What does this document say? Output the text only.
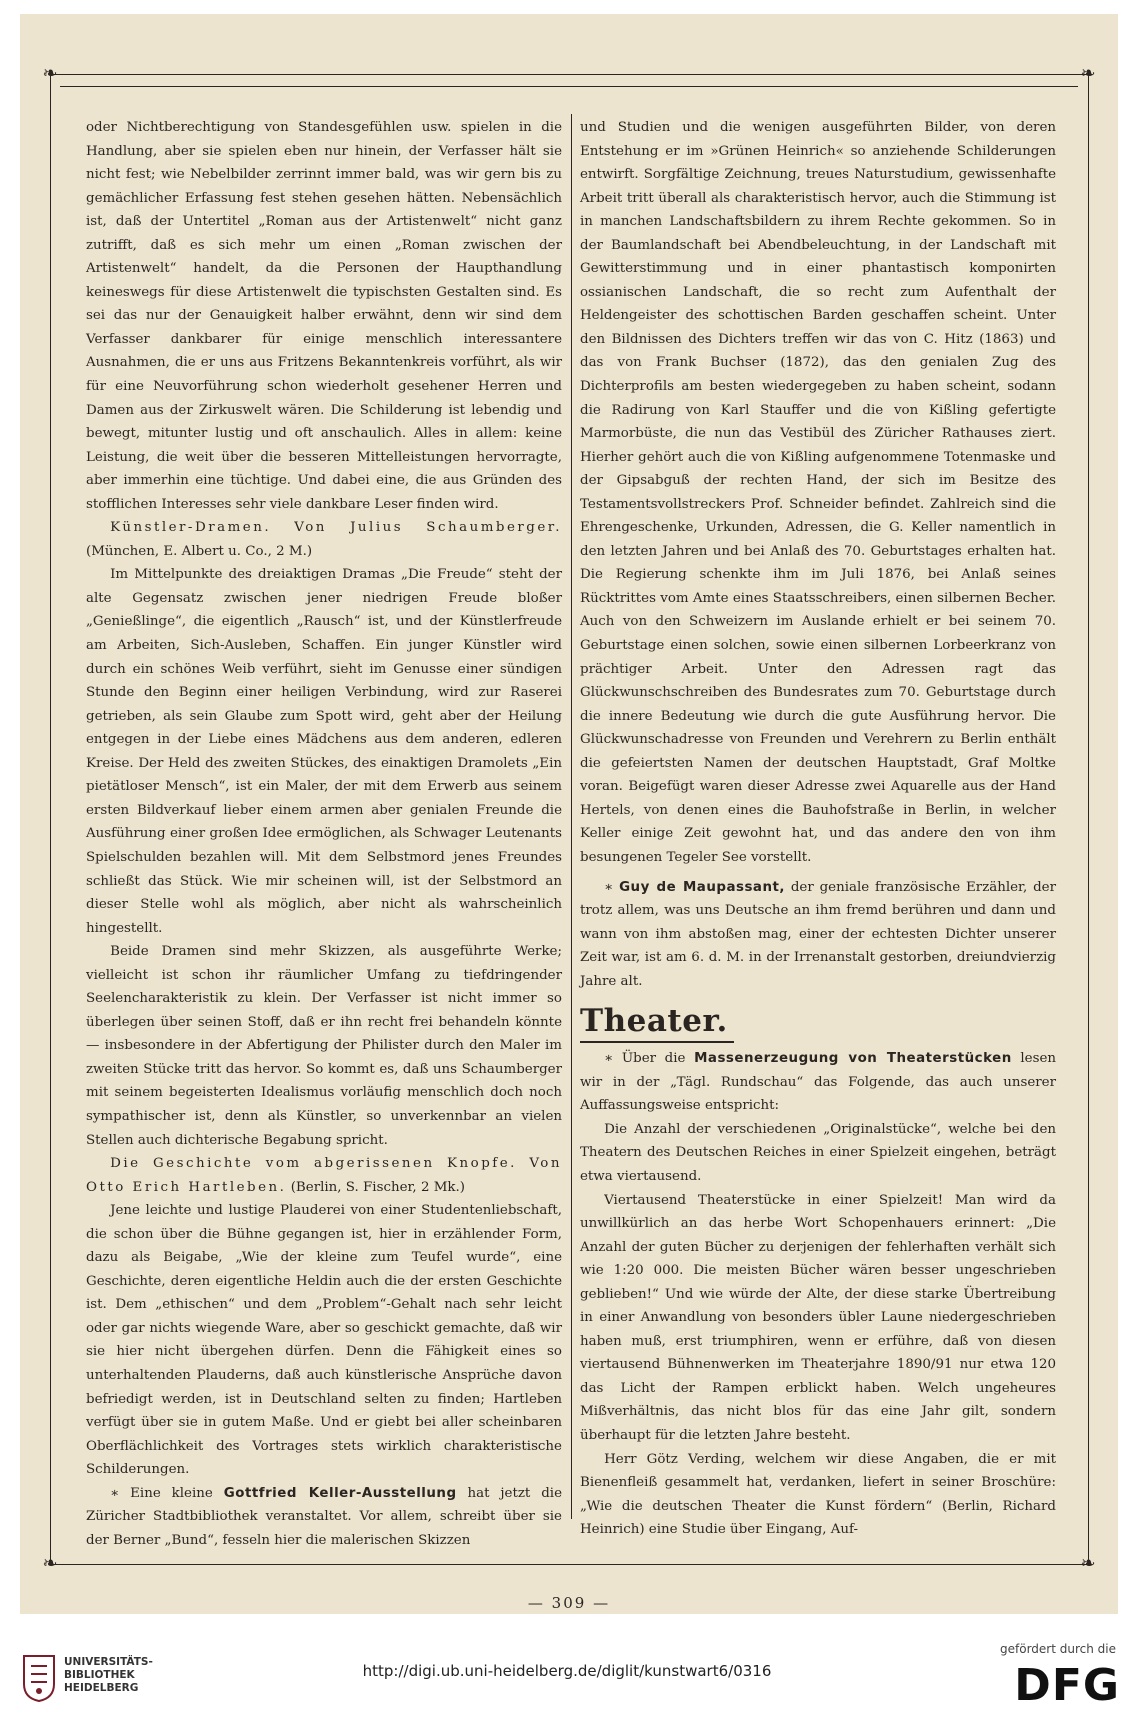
❧	❧
❧	❧

oder Nichtberechtigung von Standesgefühlen usw. spielen in die Handlung, aber sie spielen eben nur hinein, der Verfasser hält sie nicht fest; wie Nebelbilder zerrinnt immer bald, was wir gern bis zu gemächlicher Erfassung fest stehen gesehen hätten. Nebensächlich ist, daß der Untertitel „Roman aus der Artistenwelt“ nicht ganz zutrifft, daß es sich mehr um einen „Roman zwischen der Artistenwelt“ handelt, da die Personen der Haupthandlung keineswegs für diese Artistenwelt die typischsten Gestalten sind. Es sei das nur der Genauigkeit halber erwähnt, denn wir sind dem Verfasser dankbarer für einige menschlich interessantere Ausnahmen, die er uns aus Fritzens Bekanntenkreis vorführt, als wir für eine Neuvorführung schon wiederholt gesehener Herren und Damen aus der Zirkuswelt wären. Die Schilderung ist lebendig und bewegt, mitunter lustig und oft anschaulich. Alles in allem: keine Leistung, die weit über die besseren Mittelleistungen hervorragte, aber immerhin eine tüchtige. Und dabei eine, die aus Gründen des stofflichen Interesses sehr viele dankbare Leser finden wird.

Künstler-Dramen. Von Julius Schaumberger. (München, E. Albert u. Co., 2 M.)

Im Mittelpunkte des dreiaktigen Dramas „Die Freude“ steht der alte Gegensatz zwischen jener niedrigen Freude bloßer „Genießlinge“, die eigentlich „Rausch“ ist, und der Künstlerfreude am Arbeiten, Sich-Ausleben, Schaffen. Ein junger Künstler wird durch ein schönes Weib verführt, sieht im Genusse einer sündigen Stunde den Beginn einer heiligen Verbindung, wird zur Raserei getrieben, als sein Glaube zum Spott wird, geht aber der Heilung entgegen in der Liebe eines Mädchens aus dem anderen, edleren Kreise. Der Held des zweiten Stückes, des einaktigen Dramolets „Ein pietätloser Mensch“, ist ein Maler, der mit dem Erwerb aus seinem ersten Bildverkauf lieber einem armen aber genialen Freunde die Ausführung einer großen Idee ermöglichen, als Schwager Leutenants Spielschulden bezahlen will. Mit dem Selbstmord jenes Freundes schließt das Stück. Wie mir scheinen will, ist der Selbstmord an dieser Stelle wohl als möglich, aber nicht als wahrscheinlich hingestellt.

Beide Dramen sind mehr Skizzen, als ausgeführte Werke; vielleicht ist schon ihr räumlicher Umfang zu tiefdringender Seelencharakteristik zu klein. Der Verfasser ist nicht immer so überlegen über seinen Stoff, daß er ihn recht frei behandeln könnte — insbesondere in der Abfertigung der Philister durch den Maler im zweiten Stücke tritt das hervor. So kommt es, daß uns Schaumberger mit seinem begeisterten Idealismus vorläufig menschlich doch noch sympathischer ist, denn als Künstler, so unverkennbar an vielen Stellen auch dichterische Begabung spricht.

Die Geschichte vom abgerissenen Knopfe. Von Otto Erich Hartleben. (Berlin, S. Fischer, 2 Mk.)

Jene leichte und lustige Plauderei von einer Studentenliebschaft, die schon über die Bühne gegangen ist, hier in erzählender Form, dazu als Beigabe, „Wie der kleine zum Teufel wurde“, eine Geschichte, deren eigentliche Heldin auch die der ersten Geschichte ist. Dem „ethischen“ und dem „Problem“-Gehalt nach sehr leicht oder gar nichts wiegende Ware, aber so geschickt gemachte, daß wir sie hier nicht übergehen dürfen. Denn die Fähigkeit eines so unterhaltenden Plauderns, daß auch künstlerische Ansprüche davon befriedigt werden, ist in Deutschland selten zu finden; Hartleben verfügt über sie in gutem Maße. Und er giebt bei aller scheinbaren Oberflächlichkeit des Vortrages stets wirklich charakteristische Schilderungen.

∗ Eine kleine Gottfried Keller-Ausstellung hat jetzt die Züricher Stadtbibliothek veranstaltet. Vor allem, schreibt über sie der Berner „Bund“, fesseln hier die malerischen Skizzen

und Studien und die wenigen ausgeführten Bilder, von deren Entstehung er im »Grünen Heinrich« so anziehende Schilderungen entwirft. Sorgfältige Zeichnung, treues Naturstudium, gewissenhafte Arbeit tritt überall als charakteristisch hervor, auch die Stimmung ist in manchen Landschaftsbildern zu ihrem Rechte gekommen. So in der Baumlandschaft bei Abendbeleuchtung, in der Landschaft mit Gewitterstimmung und in einer phantastisch komponirten ossianischen Landschaft, die so recht zum Aufenthalt der Heldengeister des schottischen Barden geschaffen scheint. Unter den Bildnissen des Dichters treffen wir das von C. Hitz (1863) und das von Frank Buchser (1872), das den genialen Zug des Dichterprofils am besten wiedergegeben zu haben scheint, sodann die Radirung von Karl Stauffer und die von Kißling gefertigte Marmorbüste, die nun das Vestibül des Züricher Rathauses ziert. Hierher gehört auch die von Kißling aufgenommene Totenmaske und der Gipsabguß der rechten Hand, der sich im Besitze des Testamentsvollstreckers Prof. Schneider befindet. Zahlreich sind die Ehrengeschenke, Urkunden, Adressen, die G. Keller namentlich in den letzten Jahren und bei Anlaß des 70. Geburtstages erhalten hat. Die Regierung schenkte ihm im Juli 1876, bei Anlaß seines Rücktrittes vom Amte eines Staatsschreibers, einen silbernen Becher. Auch von den Schweizern im Auslande erhielt er bei seinem 70. Geburtstage einen solchen, sowie einen silbernen Lorbeerkranz von prächtiger Arbeit. Unter den Adressen ragt das Glückwunschschreiben des Bundesrates zum 70. Geburtstage durch die innere Bedeutung wie durch die gute Ausführung hervor. Die Glückwunschadresse von Freunden und Verehrern zu Berlin enthält die gefeiertsten Namen der deutschen Hauptstadt, Graf Moltke voran. Beigefügt waren dieser Adresse zwei Aquarelle aus der Hand Hertels, von denen eines die Bauhofstraße in Berlin, in welcher Keller einige Zeit gewohnt hat, und das andere den von ihm besungenen Tegeler See vorstellt.

∗ Guy de Maupassant, der geniale französische Erzähler, der trotz allem, was uns Deutsche an ihm fremd berühren und dann und wann von ihm abstoßen mag, einer der echtesten Dichter unserer Zeit war, ist am 6. d. M. in der Irrenanstalt gestorben, dreiundvierzig Jahre alt.

Theater.

∗ Über die Massenerzeugung von Theaterstücken lesen wir in der „Tägl. Rundschau“ das Folgende, das auch unserer Auffassungsweise entspricht:

Die Anzahl der verschiedenen „Originalstücke“, welche bei den Theatern des Deutschen Reiches in einer Spielzeit eingehen, beträgt etwa viertausend.

Viertausend Theaterstücke in einer Spielzeit! Man wird da unwillkürlich an das herbe Wort Schopenhauers erinnert: „Die Anzahl der guten Bücher zu derjenigen der fehlerhaften verhält sich wie 1:20 000. Die meisten Bücher wären besser ungeschrieben geblieben!“ Und wie würde der Alte, der diese starke Übertreibung in einer Anwandlung von besonders übler Laune niedergeschrieben haben muß, erst triumphiren, wenn er erführe, daß von diesen viertausend Bühnenwerken im Theaterjahre 1890/91 nur etwa 120 das Licht der Rampen erblickt haben. Welch ungeheures Mißverhältnis, das nicht blos für das eine Jahr gilt, sondern überhaupt für die letzten Jahre besteht.

Herr Götz Verding, welchem wir diese Angaben, die er mit Bienenfleiß gesammelt hat, verdanken, liefert in seiner Broschüre: „Wie die deutschen Theater die Kunst fördern“ (Berlin, Richard Heinrich) eine Studie über Eingang, Auf-

— 309 —
UNIVERSITÄTS-
BIBLIOTHEK
HEIDELBERG
http://digi.ub.uni-heidelberg.de/diglit/kunstwart6/0316
gefördert durch die
DFG
